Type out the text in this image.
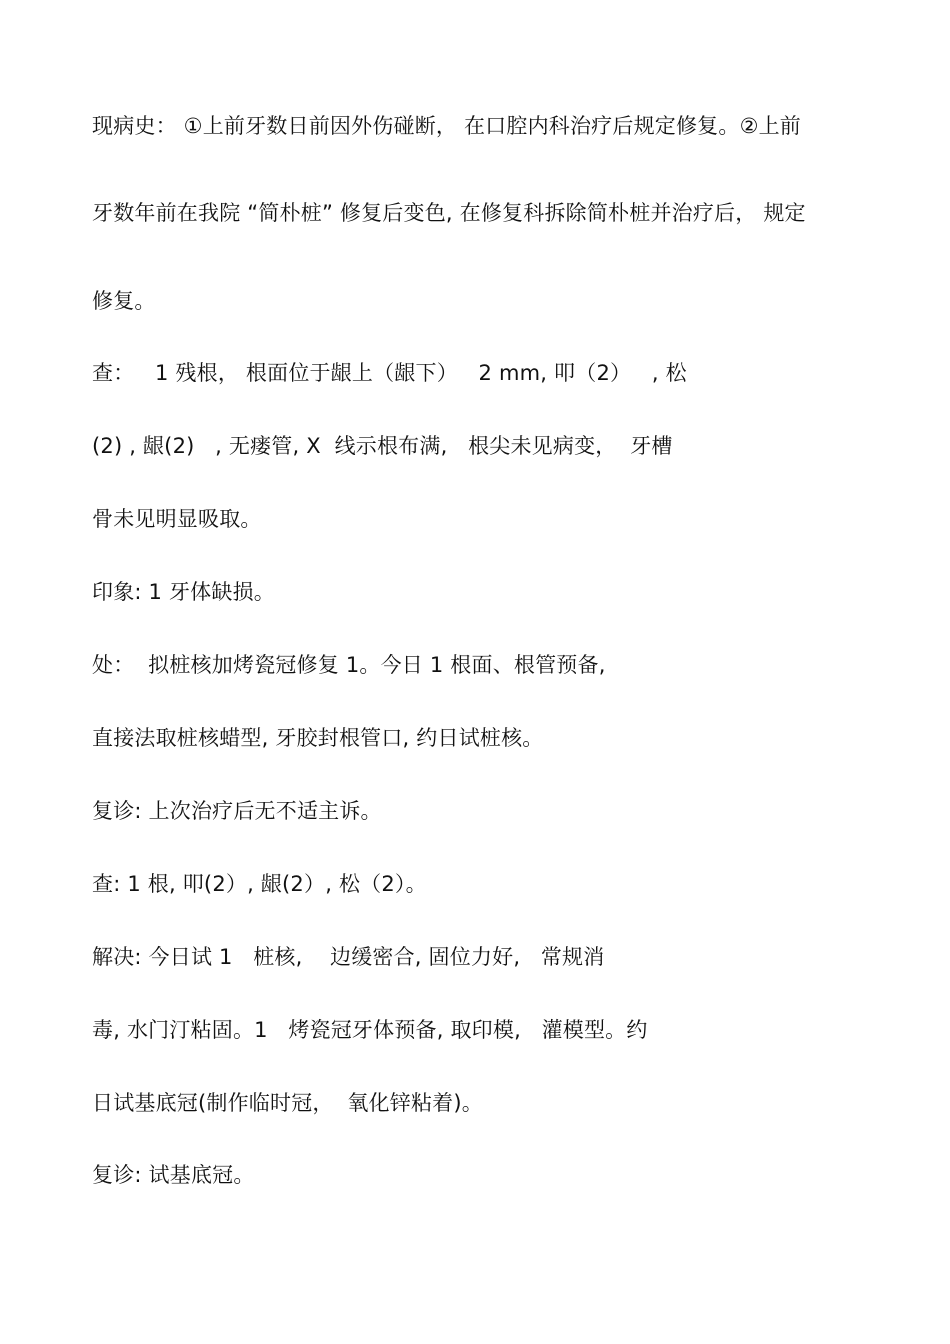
现病史： ①上前牙数日前因外伤碰断， 在口腔内科治疗后规定修复。②上前
牙数年前在我院 “简朴桩” 修复后变色, 在修复科拆除简朴桩并治疗后， 规定
修复。
查：   1 残根， 根面位于龈上（龈下）   2 mm, 叩（2）   , 松
(2) , 龈(2)   , 无瘘管, X  线示根布满,   根尖未见病变，  牙槽
骨未见明显吸取。
印象: 1 牙体缺损。
处：  拟桩核加烤瓷冠修复 1。今日 1 根面、根管预备,
直接法取桩核蜡型, 牙胶封根管口, 约日试桩核。
复诊: 上次治疗后无不适主诉。
查: 1 根, 叩(2）, 龈(2）, 松（2）。
解决: 今日试 1   桩核,    边缓密合, 固位力好,   常规消
毒, 水门汀粘固。1   烤瓷冠牙体预备, 取印模,   灌模型。约
日试基底冠(制作临时冠，  氧化锌粘着)。
复诊: 试基底冠。
